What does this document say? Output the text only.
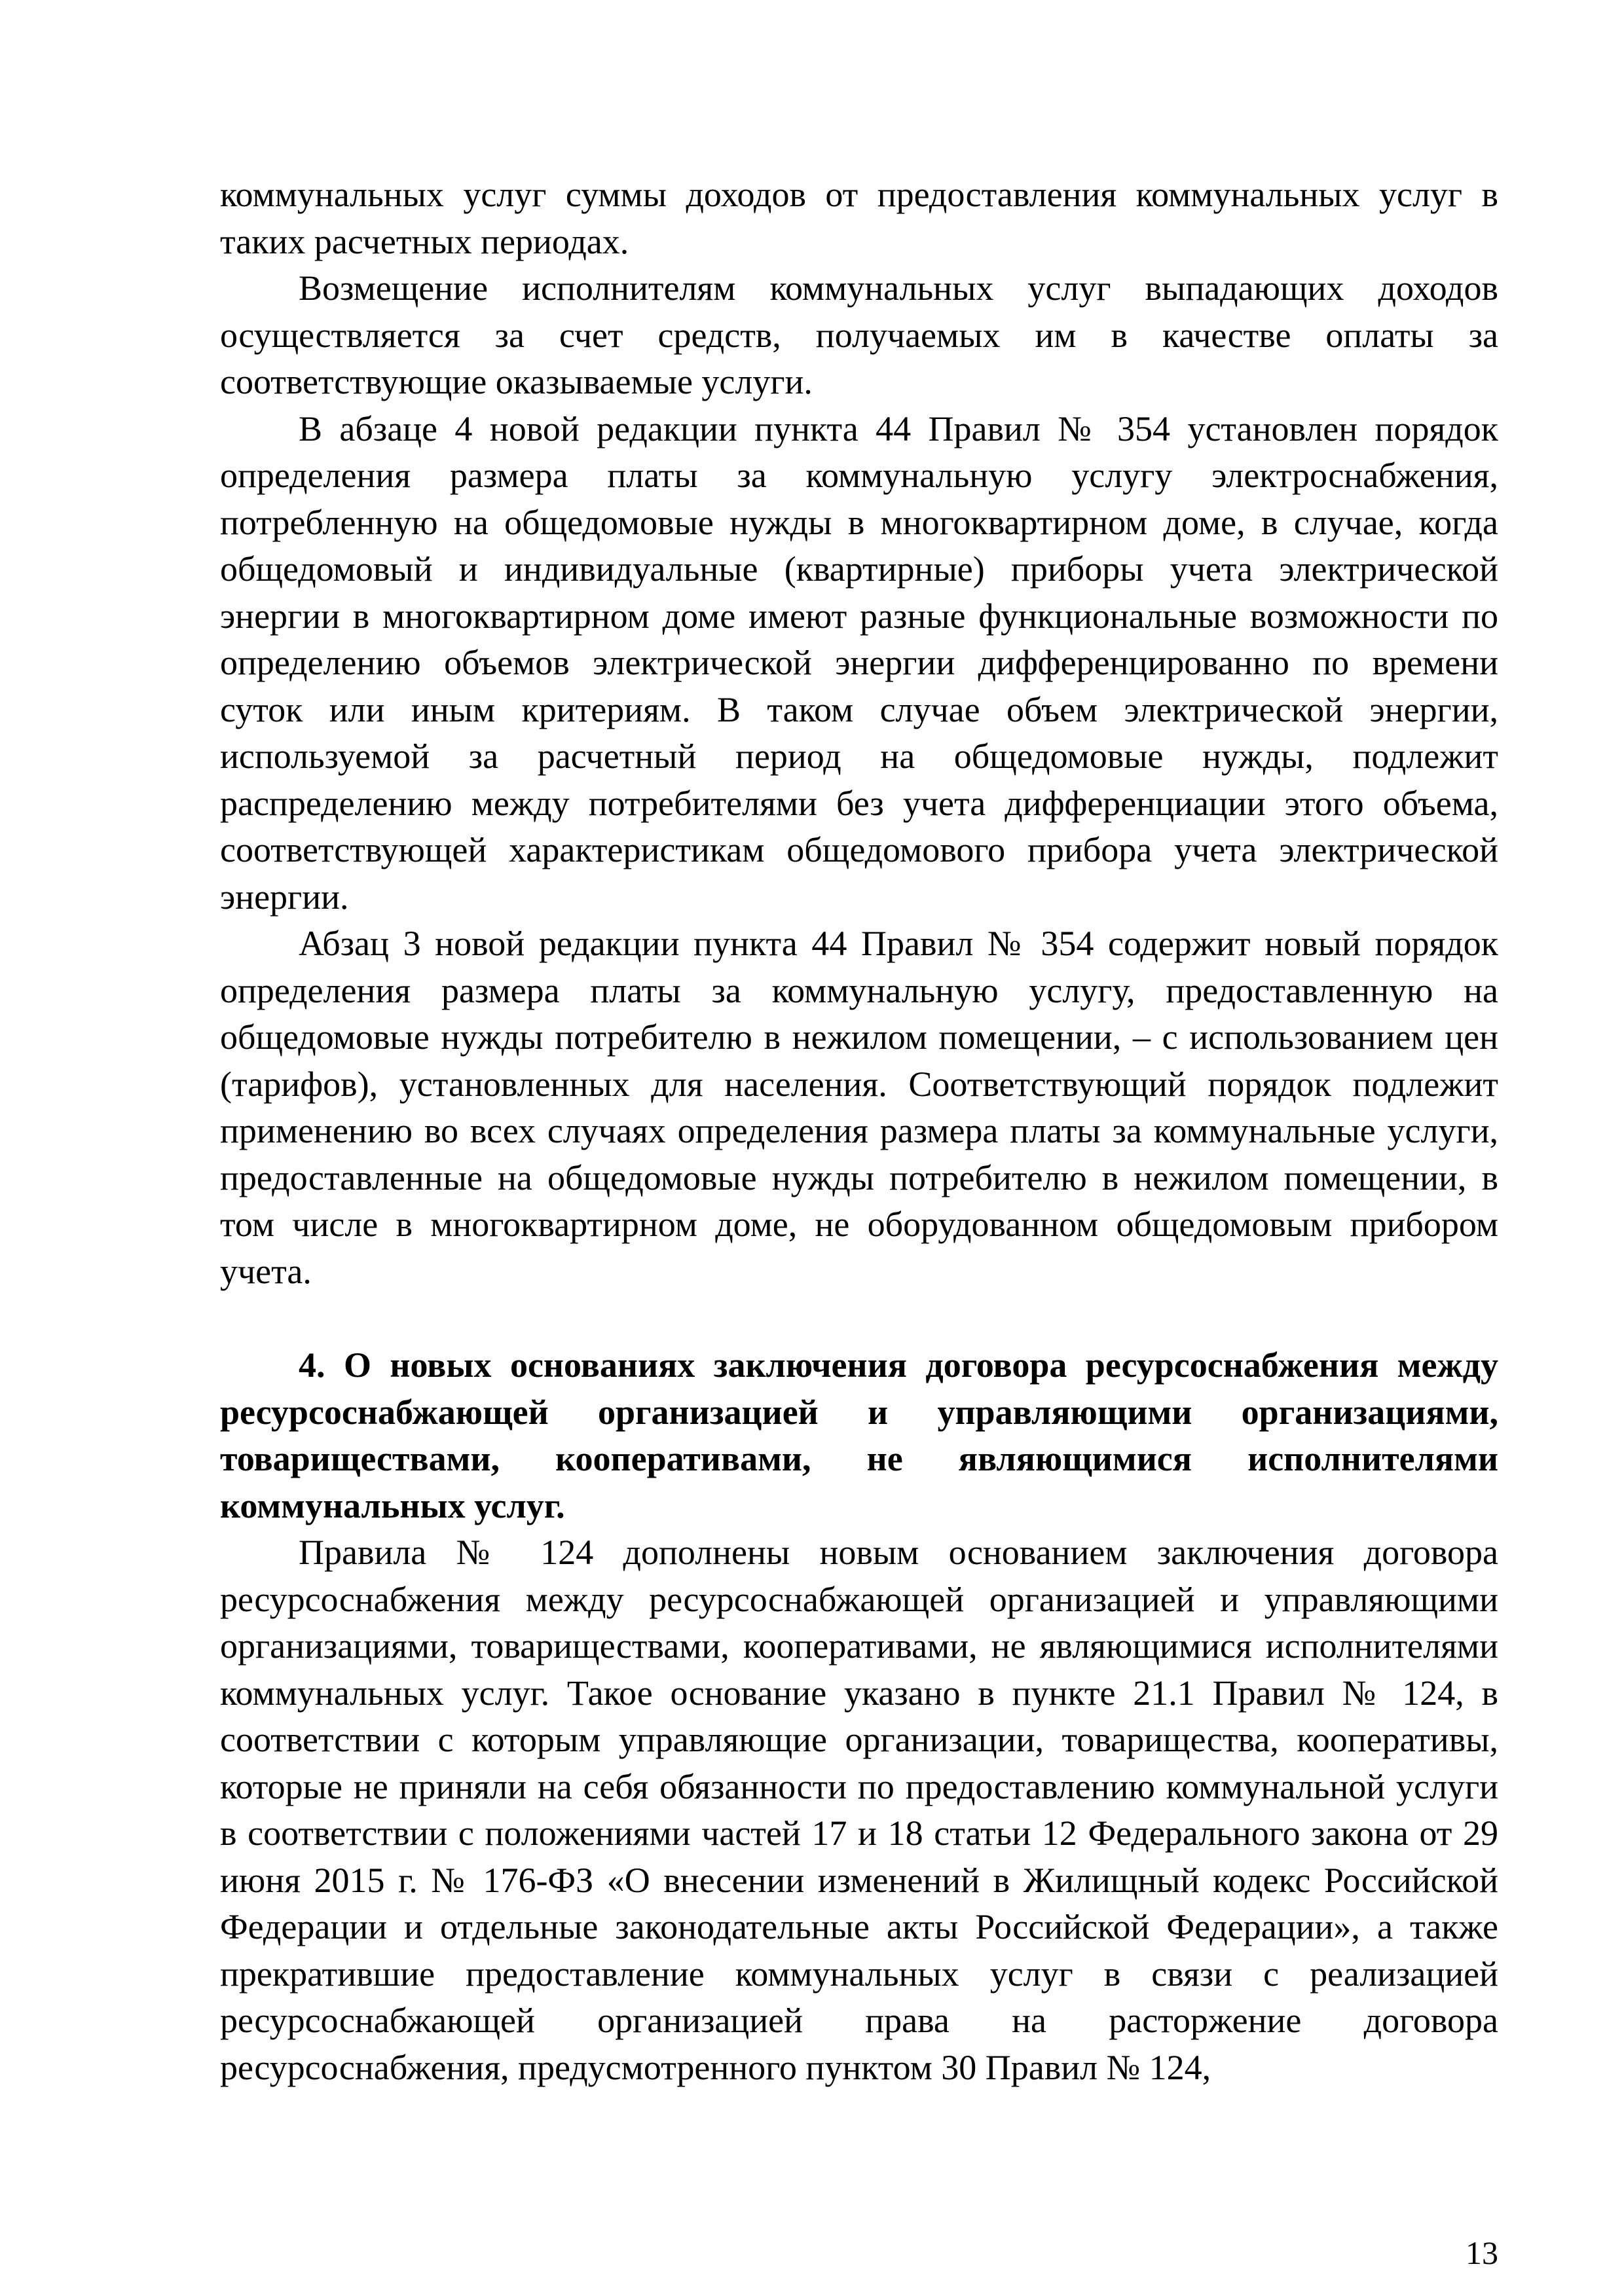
коммунальных услуг суммы доходов от предоставления коммунальных услуг в таких расчетных периодах.

Возмещение исполнителям коммунальных услуг выпадающих доходов осуществляется за счет средств, получаемых им в качестве оплаты за соответствующие оказываемые услуги.

В абзаце 4 новой редакции пункта 44 Правил № 354 установлен порядок определения размера платы за коммунальную услугу электроснабжения, потребленную на общедомовые нужды в многоквартирном доме, в случае, когда общедомовый и индивидуальные (квартирные) приборы учета электрической энергии в многоквартирном доме имеют разные функциональные возможности по определению объемов электрической энергии дифференцированно по времени суток или иным критериям. В таком случае объем электрической энергии, используемой за расчетный период на общедомовые нужды, подлежит распределению между потребителями без учета дифференциации этого объема, соответствующей характеристикам общедомового прибора учета электрической энергии.

Абзац 3 новой редакции пункта 44 Правил № 354 содержит новый порядок определения размера платы за коммунальную услугу, предоставленную на общедомовые нужды потребителю в нежилом помещении, – с использованием цен (тарифов), установленных для населения. Соответствующий порядок подлежит применению во всех случаях определения размера платы за коммунальные услуги, предоставленные на общедомовые нужды потребителю в нежилом помещении, в том числе в многоквартирном доме, не оборудованном общедомовым прибором учета.

4. О новых основаниях заключения договора ресурсоснабжения между ресурсоснабжающей организацией и управляющими организациями, товариществами, кооперативами, не являющимися исполнителями коммунальных услуг.

Правила № 124 дополнены новым основанием заключения договора ресурсоснабжения между ресурсоснабжающей организацией и управляющими организациями, товариществами, кооперативами, не являющимися исполнителями коммунальных услуг. Такое основание указано в пункте 21.1 Правил № 124, в соответствии с которым управляющие организации, товарищества, кооперативы, которые не приняли на себя обязанности по предоставлению коммунальной услуги в соответствии с положениями частей 17 и 18 статьи 12 Федерального закона от 29 июня 2015 г. № 176-ФЗ «О внесении изменений в Жилищный кодекс Российской Федерации и отдельные законодательные акты Российской Федерации», а также прекратившие предоставление коммунальных услуг в связи с реализацией ресурсоснабжающей организацией права на расторжение договора ресурсоснабжения, предусмотренного пунктом 30 Правил № 124,

13
